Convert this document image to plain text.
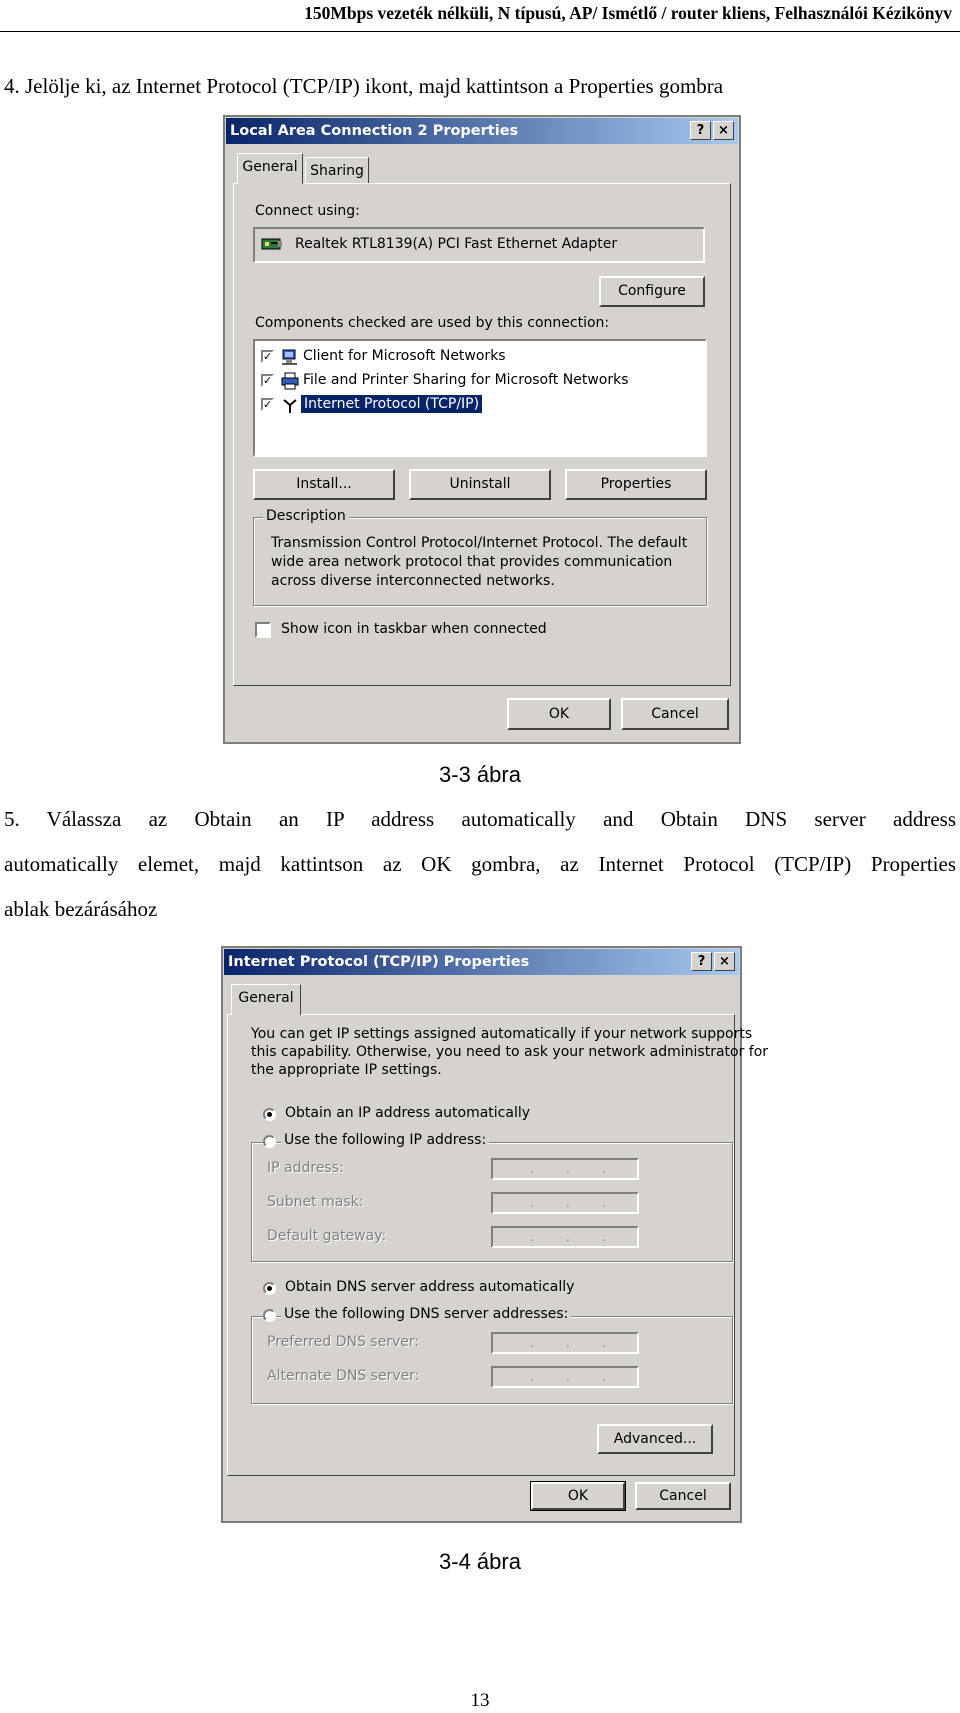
150Mbps vezeték nélküli, N típusú, AP/ Ismétlő / router kliens, Felhasználói Kézikönyv
4. Jelölje ki, az Internet Protocol (TCP/IP) ikont, majd kattintson a Properties gombra
Local Area Connection 2 Properties	?	×
General Sharing
Connect using:
Realtek RTL8139(A) PCI Fast Ethernet Adapter
Configure
Components checked are used by this connection:
✓ Client for Microsoft Networks
✓ File and Printer Sharing for Microsoft Networks
✓ Internet Protocol (TCP/IP)
Install...	Uninstall	Properties
Description
Transmission Control Protocol/Internet Protocol. The default
wide area network protocol that provides communication
across diverse interconnected networks.
Show icon in taskbar when connected
OK	Cancel
3-3 ábra
5. Válassza az Obtain an IP address automatically and Obtain DNS server address
automatically elemet, majd kattintson az OK gombra, az Internet Protocol (TCP/IP) Properties
ablak bezárásához
Internet Protocol (TCP/IP) Properties	?	×
General
You can get IP settings assigned automatically if your network supports
this capability. Otherwise, you need to ask your network administrator for
the appropriate IP settings.
Obtain an IP address automatically
Use the following IP address:
IP address:	.	.	.
Subnet mask:	.	.	.
Default gateway:	.	.	.
Obtain DNS server address automatically
Use the following DNS server addresses:
Preferred DNS server:	.	.	.
Alternate DNS server:	.	.	.
Advanced...
OK	Cancel
3-4 ábra
13
